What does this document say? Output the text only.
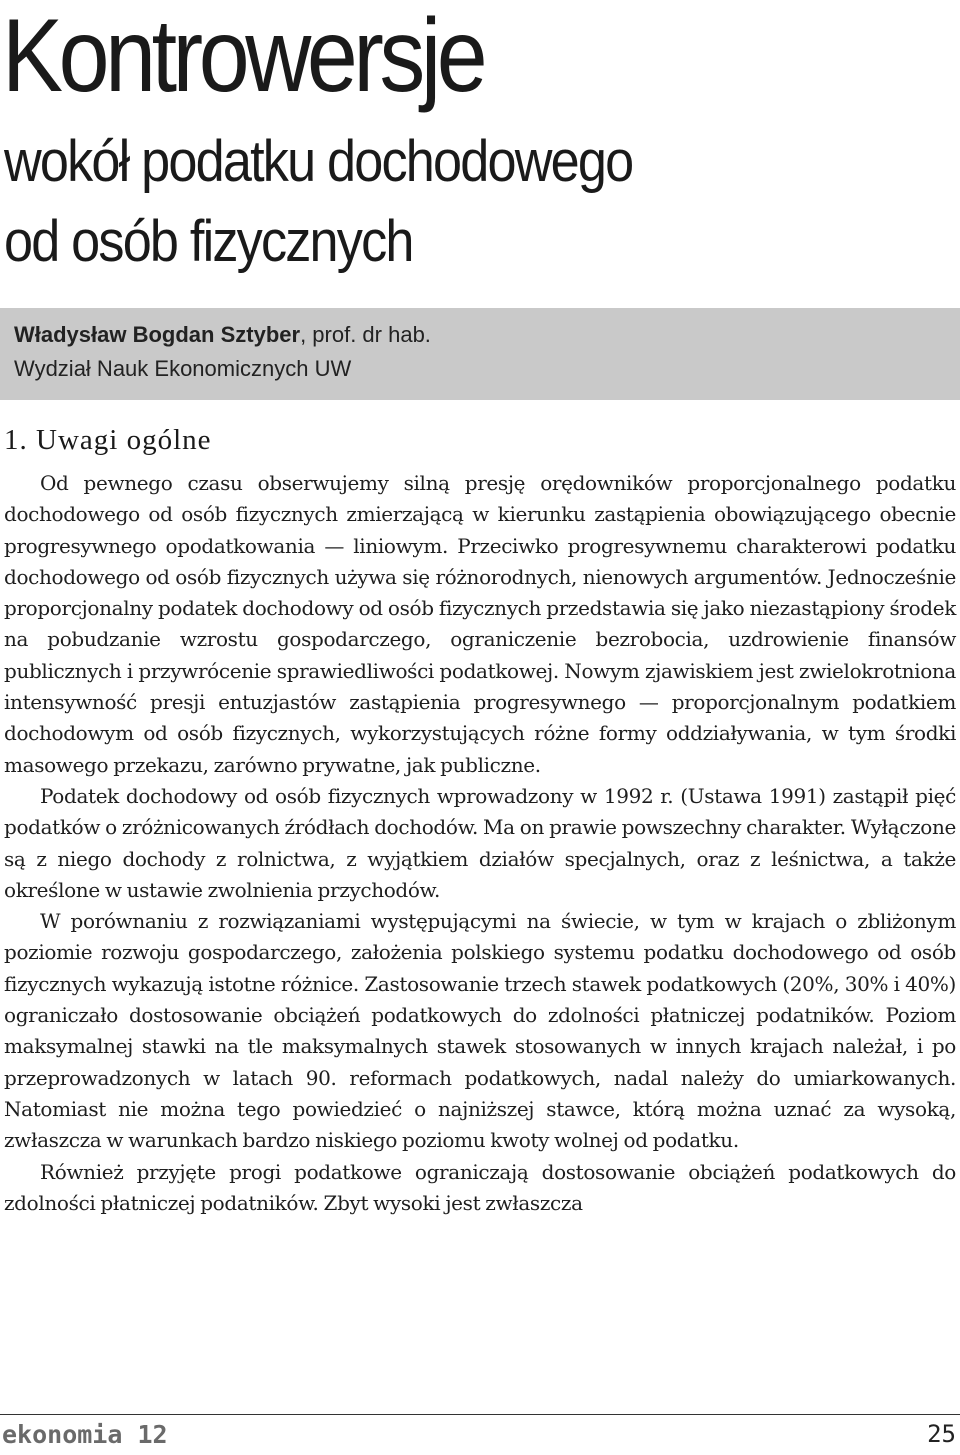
Kontrowersje
wokół podatku dochodowego
od osób fizycznych
Władysław Bogdan Sztyber, prof. dr hab.
Wydział Nauk Ekonomicznych UW
1. Uwagi ogólne

Od pewnego czasu obserwujemy silną presję orędowników proporcjonalnego podatku dochodowego od osób fizycznych zmierzającą w kierunku zastąpienia obowiązującego obecnie progresywnego opodatkowania — liniowym. Przeciwko progresywnemu charakterowi podatku dochodowego od osób fizycznych używa się różnorodnych, nienowych argumentów. Jednocześnie proporcjonalny podatek dochodowy od osób fizycznych przedstawia się jako niezastąpiony środek na pobudzanie wzrostu gospodarczego, ograniczenie bezrobocia, uzdrowienie finansów publicznych i przywrócenie sprawiedliwości podatkowej. Nowym zjawiskiem jest zwielokrotniona intensywność presji entuzjastów zastąpienia progresywnego — proporcjonalnym podatkiem dochodowym od osób fizycznych, wykorzystujących różne formy oddziaływania, w tym środki masowego przekazu, zarówno prywatne, jak publiczne.

Podatek dochodowy od osób fizycznych wprowadzony w 1992 r. (Ustawa 1991) zastąpił pięć podatków o zróżnicowanych źródłach dochodów. Ma on prawie powszechny charakter. Wyłączone są z niego dochody z rolnictwa, z wyjątkiem działów specjalnych, oraz z leśnictwa, a także określone w ustawie zwolnienia przychodów.

W porównaniu z rozwiązaniami występującymi na świecie, w tym w krajach o zbliżonym poziomie rozwoju gospodarczego, założenia polskiego systemu podatku dochodowego od osób fizycznych wykazują istotne różnice. Zastosowanie trzech stawek podatkowych (20%, 30% i 40%) ograniczało dostosowanie obciążeń podatkowych do zdolności płatniczej podatników. Poziom maksymalnej stawki na tle maksymalnych stawek stosowanych w innych krajach należał, i po przeprowadzonych w latach 90. reformach podatkowych, nadal należy do umiarkowanych. Natomiast nie można tego powiedzieć o najniższej stawce, którą można uznać za wysoką, zwłaszcza w warunkach bardzo niskiego poziomu kwoty wolnej od podatku.

Również przyjęte progi podatkowe ograniczają dostosowanie obciążeń podatkowych do zdolności płatniczej podatników. Zbyt wysoki jest zwłaszcza

ekonomia 12	25
